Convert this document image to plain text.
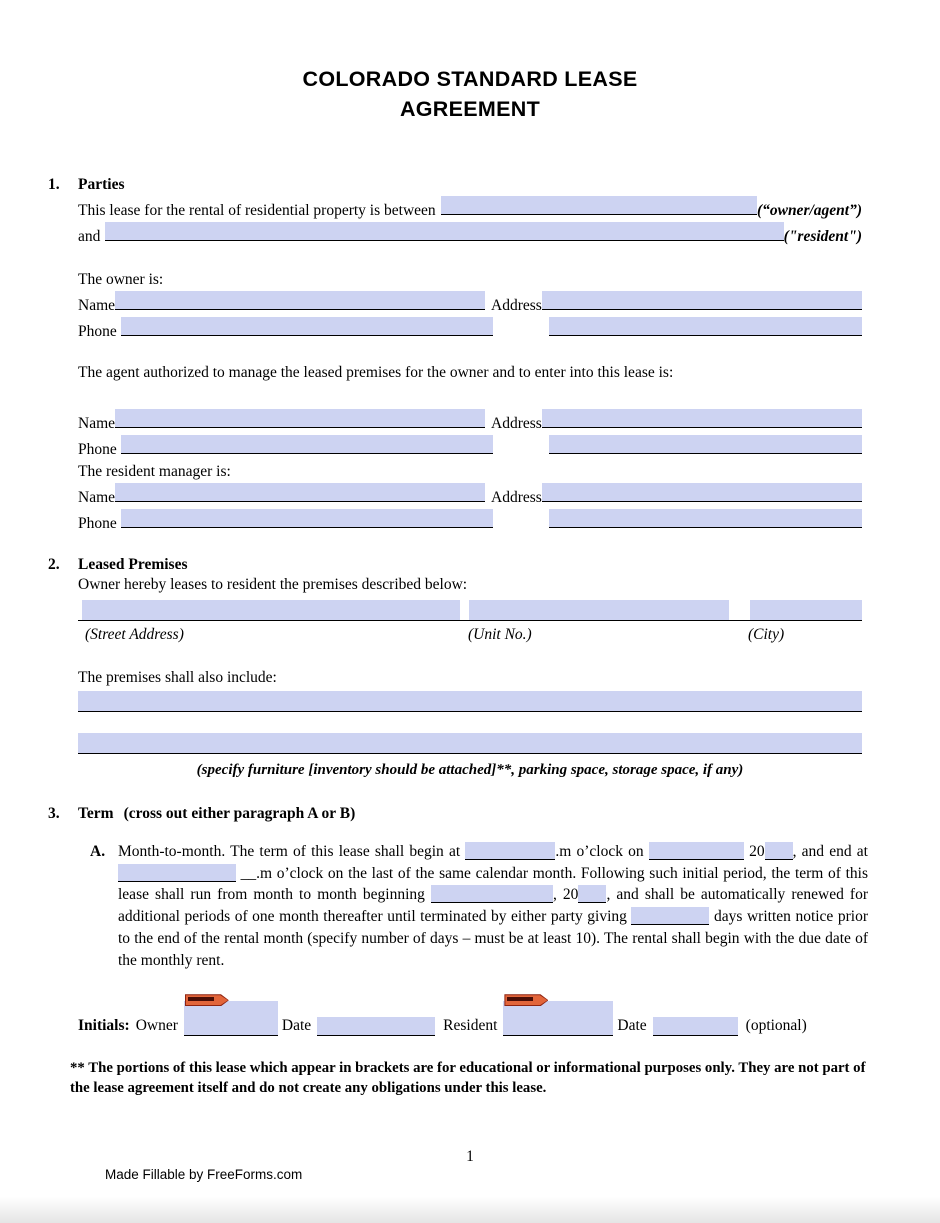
COLORADO STANDARD LEASE
AGREEMENT
1.	Parties
This lease for the rental of residential property is between	(“owner/agent”)
and	("resident")
The owner is:
Name	Address
Phone
The agent authorized to manage the leased premises for the owner and to enter into this lease is:
Name	Address
Phone
The resident manager is:
Name	Address
Phone
2.	Leased Premises
Owner hereby leases to resident the premises described below:
(Street Address)	(Unit No.)	(City)
The premises shall also include:
(specify furniture [inventory should be attached]**, parking space, storage space, if any)
3.	Term (cross out either paragraph A or B)

A. Month-to-month. The term of this lease shall begin at	.m o’clock on	20 , and end at  __.m o’clock on the last of the same calendar month. Following such initial period, the term of this lease shall run from month to month beginning	, 20 , and shall be automatically renewed for additional periods of one month thereafter until terminated by either party giving	days written notice prior to the end of the rental month (specify number of days – must be at least 10). The rental shall begin with the due date of the monthly rent.

Initials: Owner	Date	Resident	Date	(optional)
** The portions of this lease which appear in brackets are for educational or informational purposes only. They are not part of the lease agreement itself and do not create any obligations under this lease.
1
Made Fillable by FreeForms.com
